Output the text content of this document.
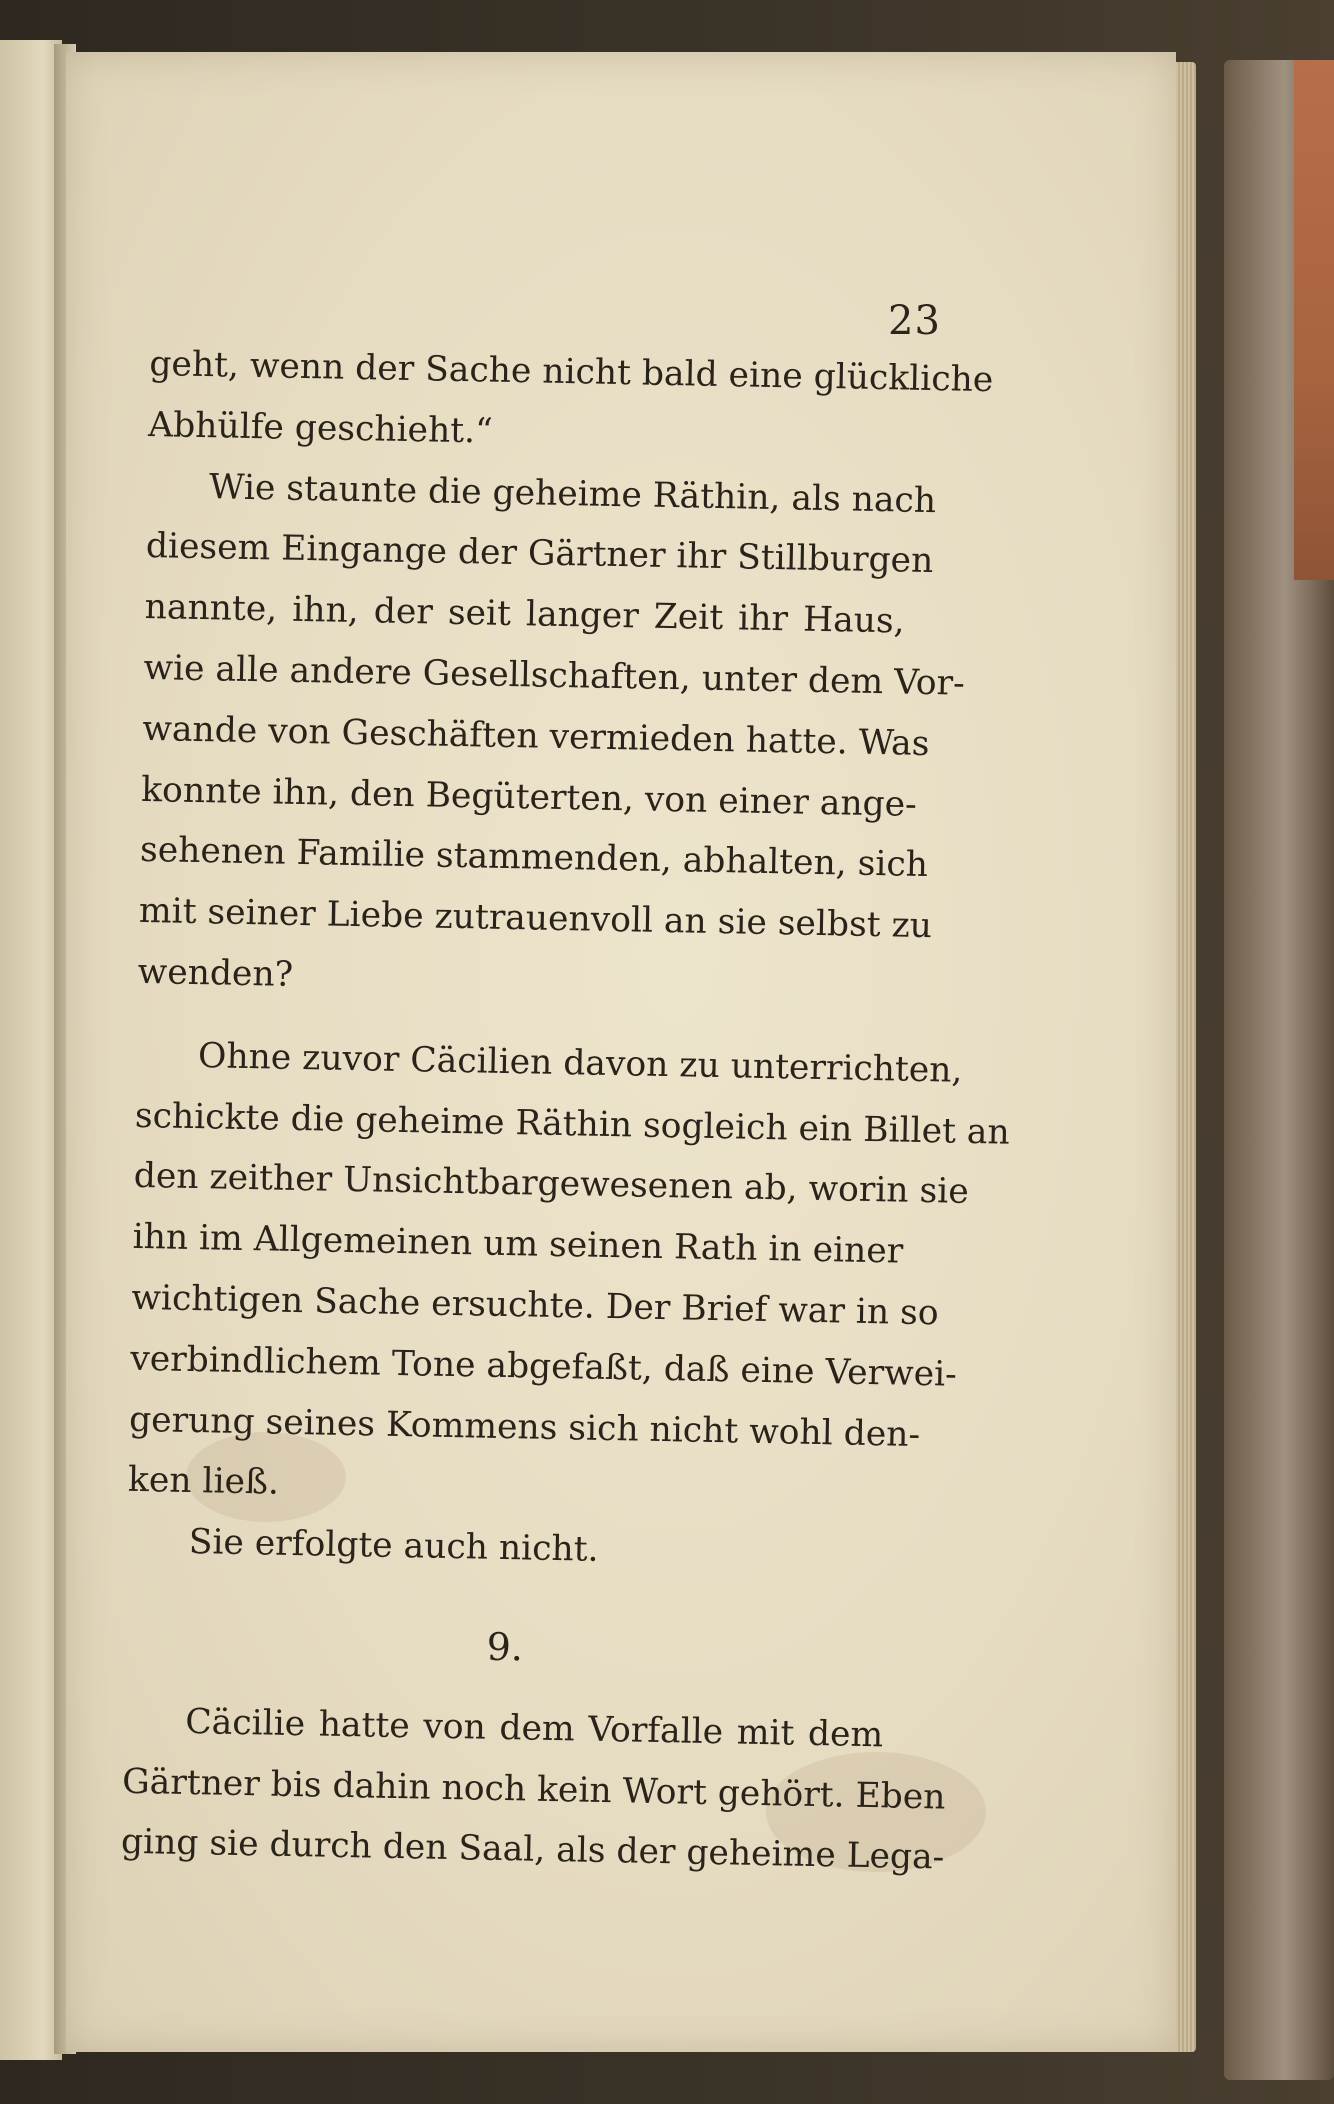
23
geht, wenn der Sache nicht bald eine glückliche
Abhülfe geschieht.“
Wie staunte die geheime Räthin, als nach
diesem Eingange der Gärtner ihr Stillburgen
nannte, ihn, der seit langer Zeit ihr Haus,
wie alle andere Gesellschaften, unter dem Vor-
wande von Geschäften vermieden hatte. Was
konnte ihn, den Begüterten, von einer ange-
sehenen Familie stammenden, abhalten, sich
mit seiner Liebe zutrauenvoll an sie selbst zu
wenden?
Ohne zuvor Cäcilien davon zu unterrichten,
schickte die geheime Räthin sogleich ein Billet an
den zeither Unsichtbargewesenen ab, worin sie
ihn im Allgemeinen um seinen Rath in einer
wichtigen Sache ersuchte. Der Brief war in so
verbindlichem Tone abgefaßt, daß eine Verwei-
gerung seines Kommens sich nicht wohl den-
ken ließ.
Sie erfolgte auch nicht.
9.
Cäcilie hatte von dem Vorfalle mit dem
Gärtner bis dahin noch kein Wort gehört. Eben
ging sie durch den Saal, als der geheime Lega-
